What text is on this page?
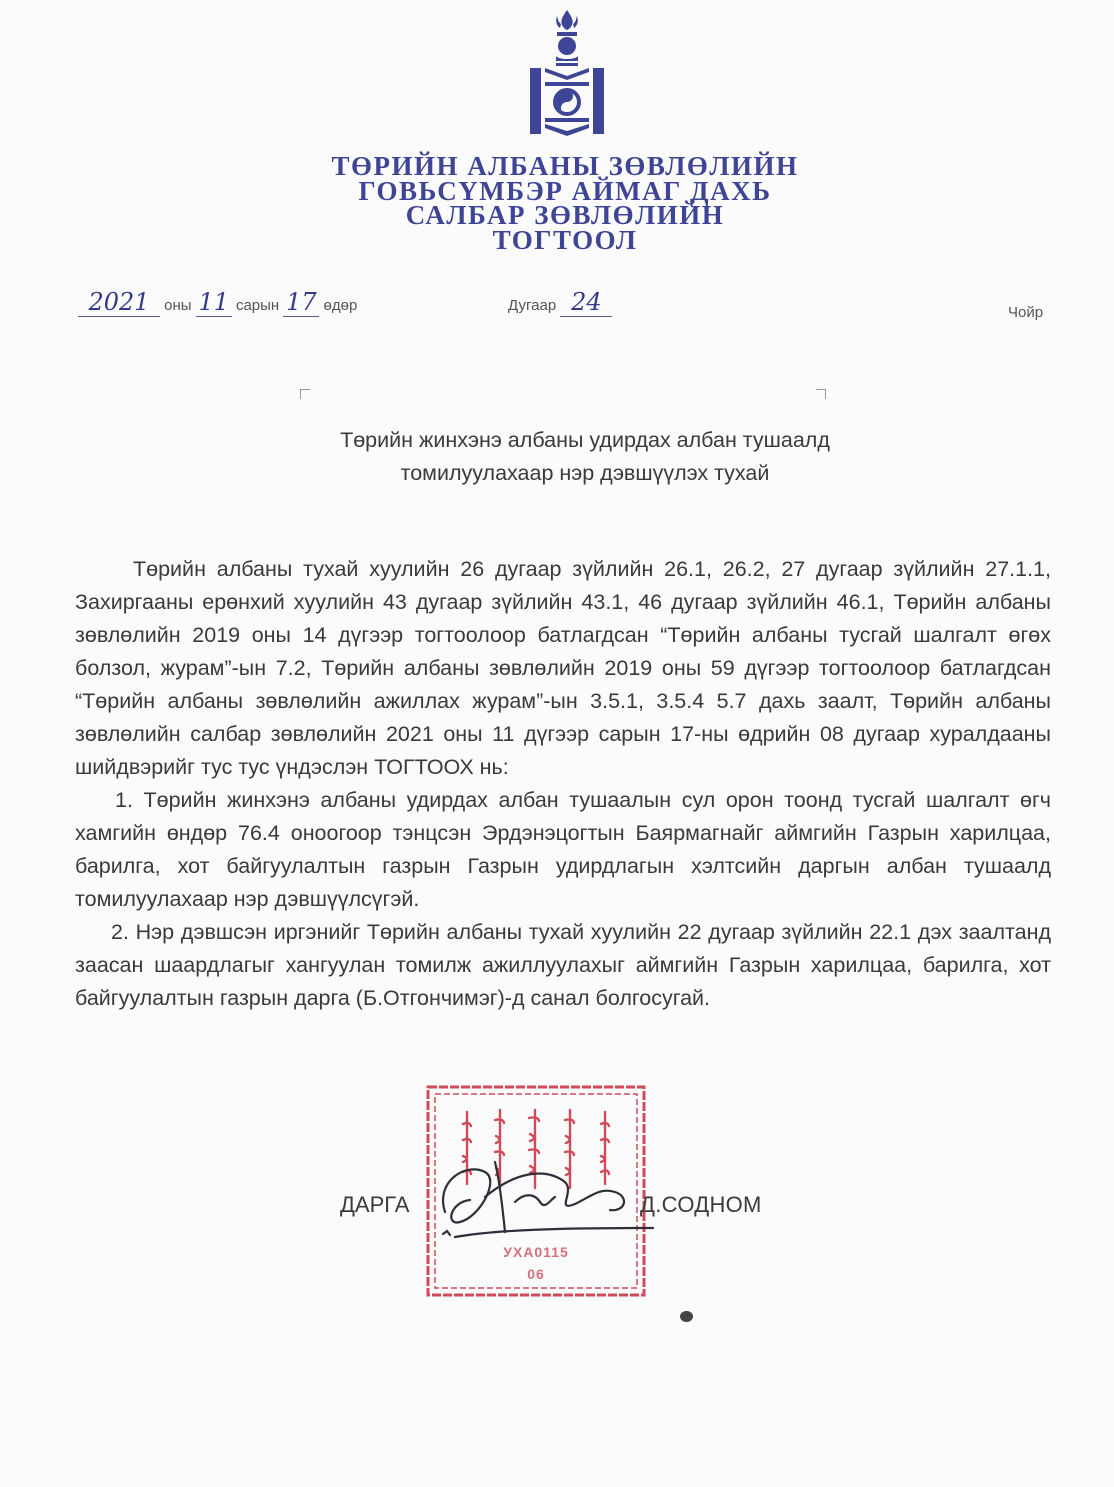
ТӨРИЙН АЛБАНЫ ЗӨВЛӨЛИЙН
ГОВЬСҮМБЭР АЙМАГ ДАХЬ
САЛБАР ЗӨВЛӨЛИЙН
ТОГТООЛ
2021 оны 11 сарын 17 өдөр	Дугаар 24	Чойр
Төрийн жинхэнэ албаны удирдах албан тушаалд
томилуулахаар нэр дэвшүүлэх тухай

Төрийн албаны тухай хуулийн 26 дугаар зүйлийн 26.1, 26.2, 27 дугаар зүйлийн 27.1.1, Захиргааны ерөнхий хуулийн 43 дугаар зүйлийн 43.1, 46 дугаар зүйлийн 46.1, Төрийн албаны зөвлөлийн 2019 оны 14 дүгээр тогтоолоор батлагдсан “Төрийн албаны тусгай шалгалт өгөх болзол, журам”-ын 7.2, Төрийн албаны зөвлөлийн 2019 оны 59 дүгээр тогтоолоор батлагдсан “Төрийн албаны зөвлөлийн ажиллах журам”-ын 3.5.1, 3.5.4 5.7 дахь заалт, Төрийн албаны зөвлөлийн салбар зөвлөлийн 2021 оны 11 дүгээр сарын 17-ны өдрийн 08 дугаар хуралдааны шийдвэрийг тус тус үндэслэн ТОГТООХ нь:

1. Төрийн жинхэнэ албаны удирдах албан тушаалын сул орон тоонд тусгай шалгалт өгч хамгийн өндөр 76.4 оноогоор тэнцсэн Эрдэнэцогтын Баярмагнайг аймгийн Газрын харилцаа, барилга, хот байгуулалтын газрын Газрын удирдлагын хэлтсийн даргын албан тушаалд томилуулахаар нэр дэвшүүлсүгэй.

2. Нэр дэвшсэн иргэнийг Төрийн албаны тухай хуулийн 22 дугаар зүйлийн 22.1 дэх заалтанд заасан шаардлагыг хангуулан томилж ажиллуулахыг аймгийн Газрын харилцаа, барилга, хот байгуулалтын газрын дарга (Б.Отгончимэг)-д санал болгосугай.

ДАРГА	Д.СОДНОМ
УХА0115
06
